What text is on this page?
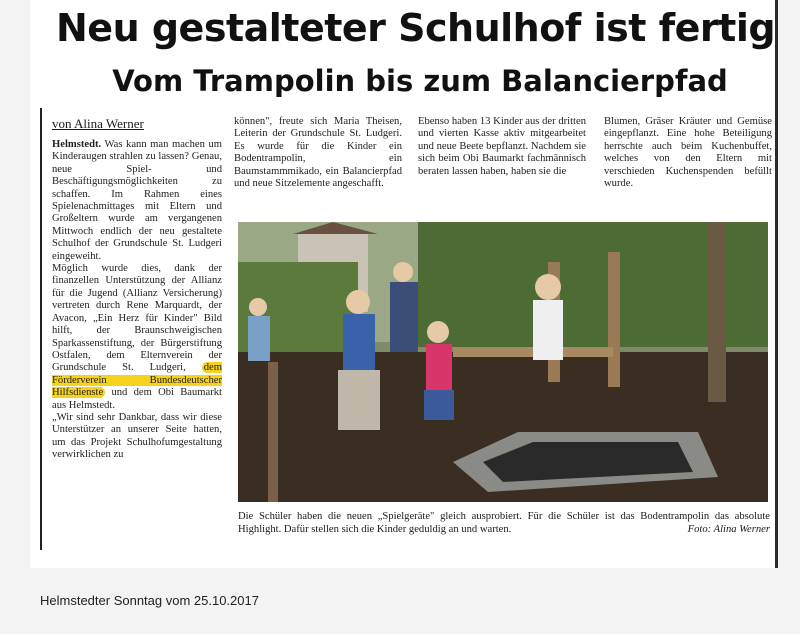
Neu gestalteter Schulhof ist fertig
Vom Trampolin bis zum Balancierpfad
von Alina Werner

Helmstedt. Was kann man machen um Kinderaugen strahlen zu lassen? Genau, neue Spiel- und Beschäftigungsmöglichkeiten zu schaffen. Im Rahmen eines Spielenachmittages mit Eltern und Großeltern wurde am vergangenen Mittwoch endlich der neu gestaltete Schulhof der Grundschule St. Ludgeri eingeweiht.

Möglich wurde dies, dank der finanzellen Unterstützung der Allianz für die Jugend (Allianz Versicherung) vertreten durch Rene Marquardt, der Avacon, „Ein Herz für Kinder" Bild hilft, der Braunschweigischen Sparkassenstiftung, der Bürgerstiftung Ostfalen, dem Elternverein der Grundschule St. Ludgeri, dem Förderverein Bundesdeutscher Hilfsdienste und dem Obi Baumarkt aus Helmstedt.

„Wir sind sehr Dankbar, dass wir diese Unterstützer an unserer Seite hatten, um das Projekt Schulhofumgestaltung verwirklichen zu

können", freute sich Maria Theisen, Leiterin der Grundschule St. Ludgeri. Es wurde für die Kinder ein Bodentrampolin, ein Baumstammmikado, ein Balancierpfad und neue Sitzelemente angeschafft.
Ebenso haben 13 Kinder aus der dritten und vierten Kasse aktiv mitgearbeitet und neue Beete bepflanzt. Nachdem sie sich beim Obi Baumarkt fachmännisch beraten lassen haben, haben sie die
Blumen, Gräser Kräuter und Gemüse eingepflanzt. Eine hohe Beteiligung herrschte auch beim Kuchenbuffet, welches von den Eltern mit verschieden Kuchenspenden befüllt wurde.
Die Schüler haben die neuen „Spielgeräte" gleich ausprobiert. Für die Schüler ist das Bodentrampolin das absolute Highlight. Dafür stellen sich die Kinder geduldig an und warten.	Foto: Alina Werner
Helmstedter Sonntag vom 25.10.2017
